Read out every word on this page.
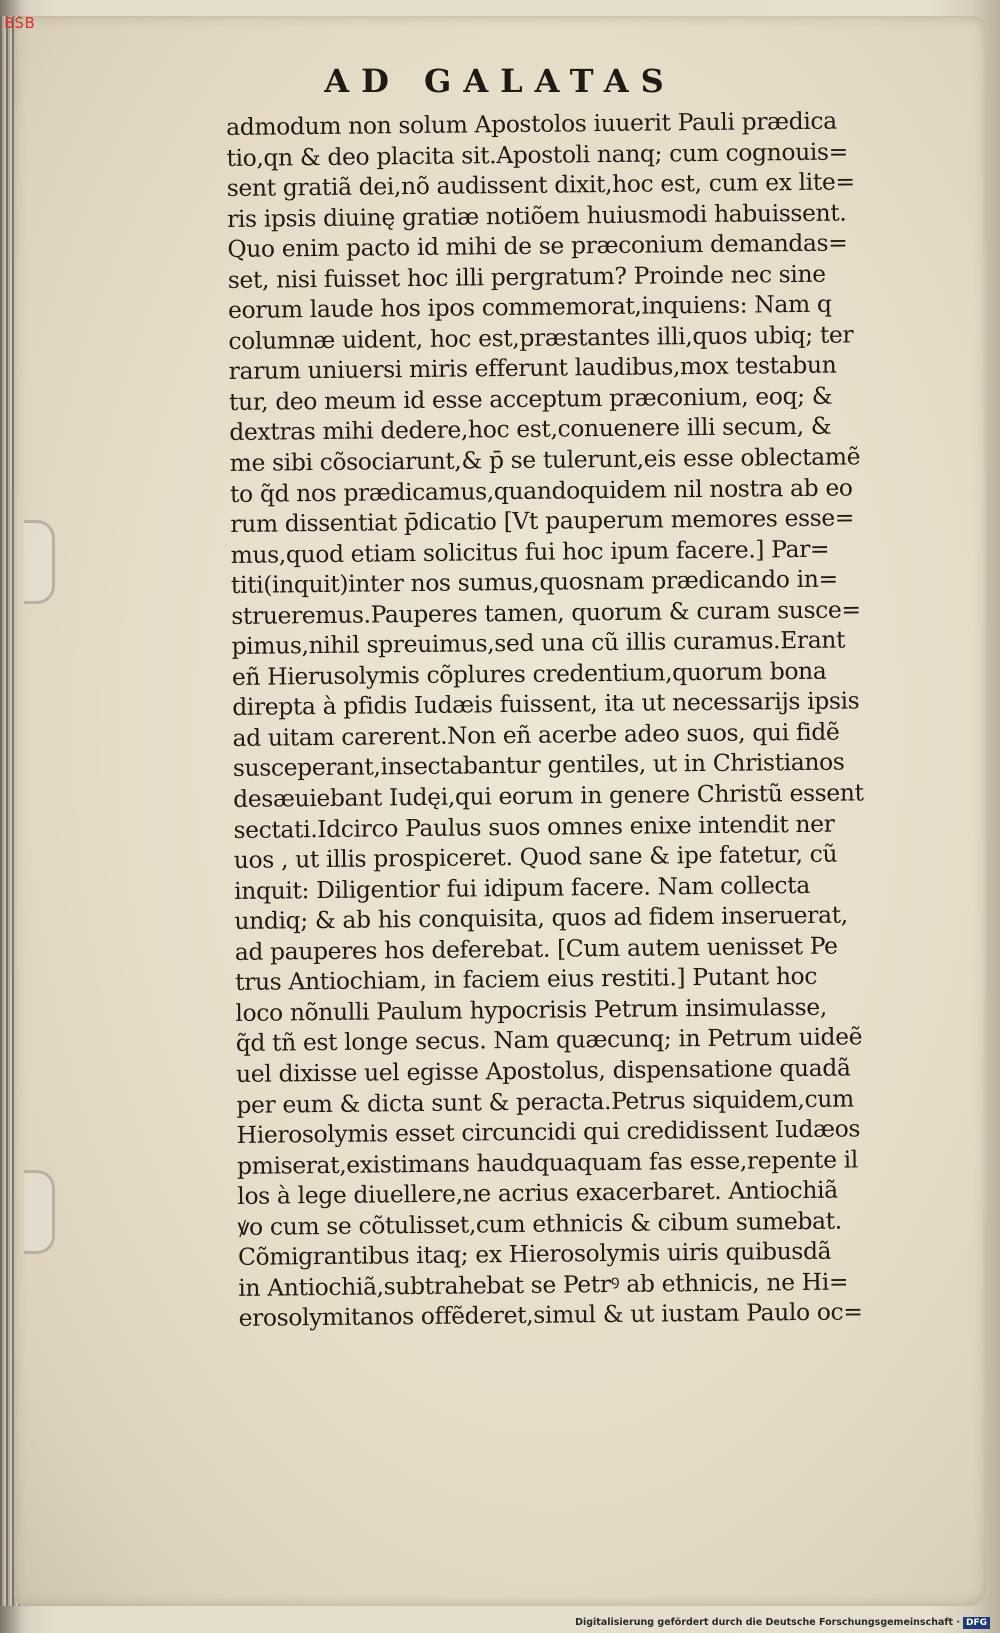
BSB
AD GALATAS
admodum non solum Apostolos iuuerit Pauli prædica
tio,qn & deo placita sit.Apostoli nanq; cum cognouis=
sent gratiã dei,nõ audissent dixit,hoc est, cum ex lite=
ris ipsis diuinę gratiæ notiõem huiusmodi habuissent.
Quo enim pacto id mihi de se præconium demandas=
set, nisi fuisset hoc illi pergratum? Proinde nec sine
eorum laude hos ipos commemorat,inquiens: Nam q
columnæ uident, hoc est,præstantes illi,quos ubiq; ter
rarum uniuersi miris efferunt laudibus,mox testabun
tur, deo meum id esse acceptum præconium, eoq; &
dextras mihi dedere,hoc est,conuenere illi secum, &
me sibi cõsociarunt,& p̄ se tulerunt,eis esse oblectamẽ
to q̃d nos prædicamus,quandoquidem nil nostra ab eo
rum dissentiat p̄dicatio [Vt pauperum memores esse=
mus,quod etiam solicitus fui hoc ipum facere.] Par=
titi(inquit)inter nos sumus,quosnam prædicando in=
strueremus.Pauperes tamen, quorum & curam susce=
pimus,nihil spreuimus,sed una cũ illis curamus.Erant
eñ Hierusolymis cõplures credentium,quorum bona
direpta à pfidis Iudæis fuissent, ita ut necessarijs ipsis
ad uitam carerent.Non eñ acerbe adeo suos, qui fidẽ
susceperant,insectabantur gentiles, ut in Christianos
desæuiebant Iudęi,qui eorum in genere Christũ essent
sectati.Idcirco Paulus suos omnes enixe intendit ner
uos , ut illis prospiceret. Quod sane & ipe fatetur, cũ
inquit: Diligentior fui idipum facere. Nam collecta
undiq; & ab his conquisita, quos ad fidem inseruerat,
ad pauperes hos deferebat. [Cum autem uenisset Pe
trus Antiochiam, in faciem eius restiti.] Putant hoc
loco nõnulli Paulum hypocrisis Petrum insimulasse,
q̃d tñ est longe secus. Nam quæcunq; in Petrum uideẽ
uel dixisse uel egisse Apostolus, dispensatione quadã
per eum & dicta sunt & peracta.Petrus siquidem,cum
Hierosolymis esset circuncidi qui credidissent Iudæos
pmiserat,existimans haudquaquam fas esse,repente il
los à lege diuellere,ne acrius exacerbaret. Antiochiã
ꝟo cum se cõtulisset,cum ethnicis & cibum sumebat.
Cõmigrantibus itaq; ex Hierosolymis uiris quibusdã
in Antiochiã,subtrahebat se Petrꝰ ab ethnicis, ne Hi=
erosolymitanos offẽderet,simul & ut iustam Paulo oc=
Digitalisierung gefördert durch die Deutsche Forschungsgemeinschaft · DFG
